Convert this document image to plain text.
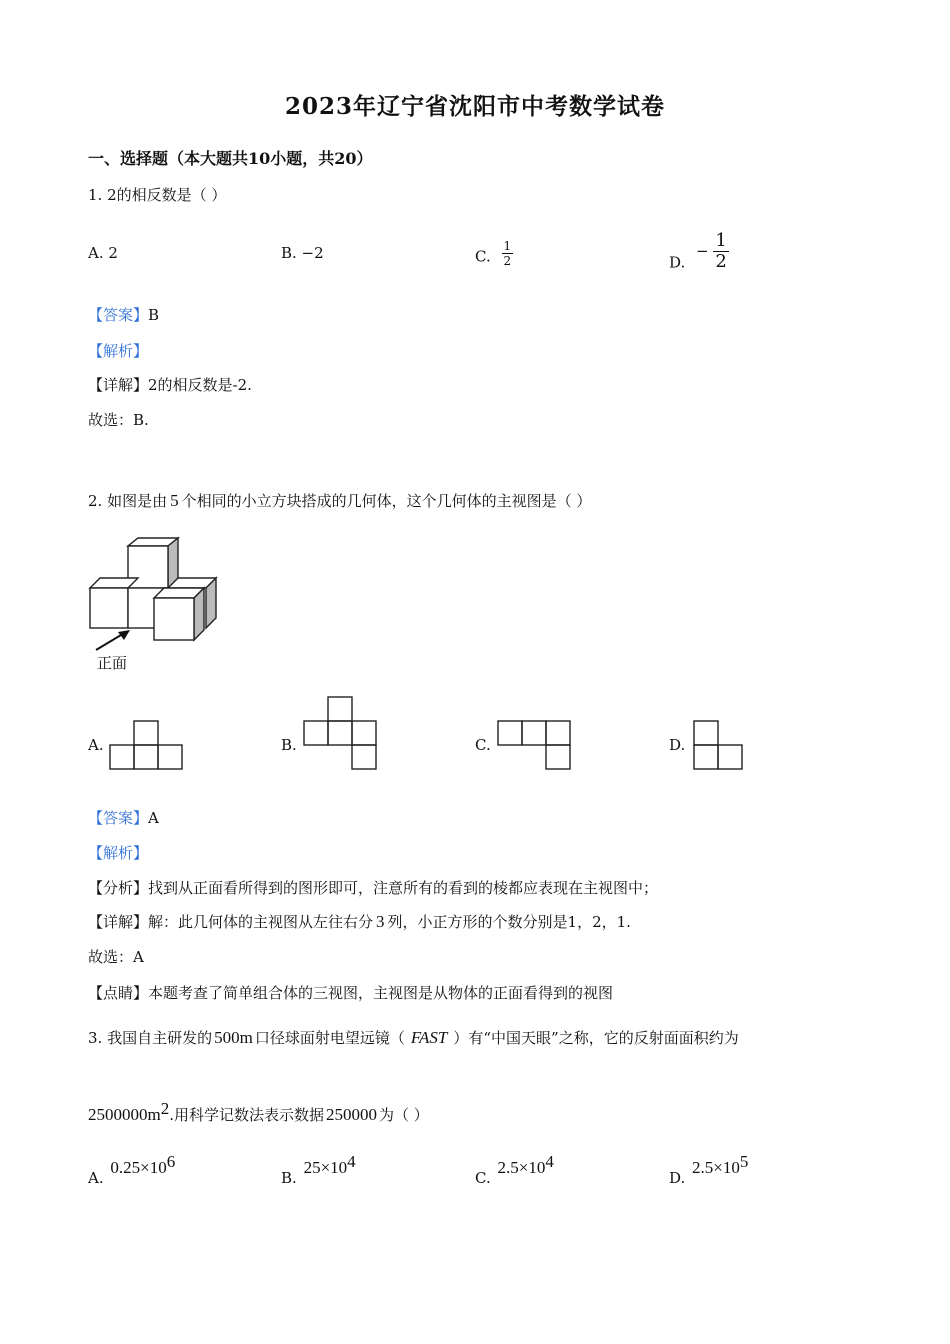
2023年辽宁省沈阳市中考数学试卷
一、选择题（本大题共10小题，共20）
1. 2的相反数是（ ）
A. 2	B. −2	C. $\frac{1}{2}$	D. − $\frac{1}{2}$
【答案】B
【解析】
【详解】2的相反数是-2.
故选：B.
2. 如图是由 5 个相同的小立方块搭成的几何体，这个几何体的主视图是（ ）
正面
A.	B.	C.	D.
【答案】A
【解析】
【分析】找到从正面看所得到的图形即可，注意所有的看到的棱都应表现在主视图中；
【详解】解：此几何体的主视图从左往右分 3 列，小正方形的个数分别是1，2，1.
故选：A
【点睛】本题考查了简单组合体的三视图，主视图是从物体的正面看得到的视图
3. 我国自主研发的 500m 口径球面射电望远镜（ FAST ）有“中国天眼”之称，它的反射面面积约为
$2500000m^2$.用科学记数法表示数据 250000 为（ ）
A. $0.25\times 10^6$
B. $25\times 10^4$
C. $2.5\times 10^4$
D. $2.5\times 10^5$
